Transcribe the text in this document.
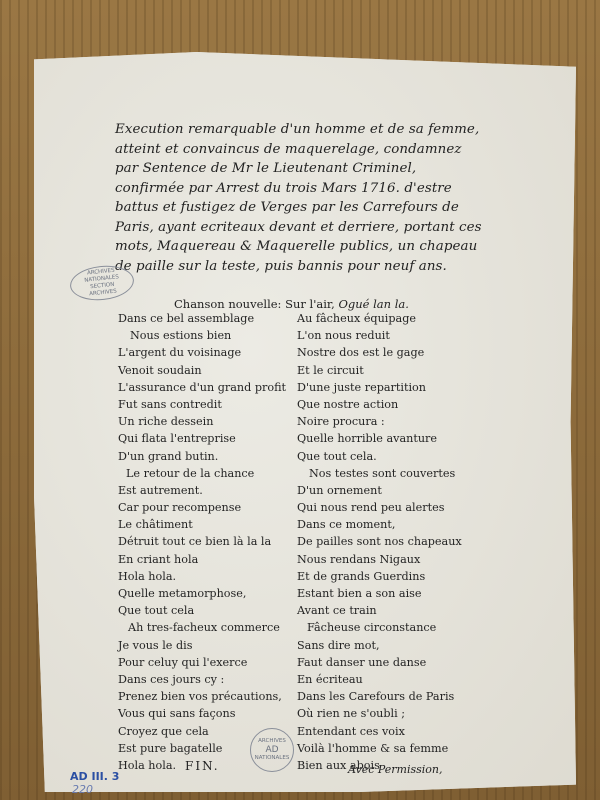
Execution remarquable d'un homme et de sa femme, atteint et convaincus de maquerelage, condamnez par Sentence de Mr le Lieutenant Criminel, confirmée par Arrest du trois Mars 1716. d'estre battus et fustigez de Verges par les Carrefours de Paris, ayant ecriteaux devant et derriere, portant ces mots, Maquereau & Maquerelle publics, un chapeau de paille sur la teste, puis bannis pour neuf ans.
ARCHIVES NATIONALES
SECTION
ARCHIVES
Chanson nouvelle: Sur l'air, Ogué lan la.
Dans ce bel assemblage
Nous estions bien
L'argent du voisinage
Venoit soudain
L'assurance d'un grand profit
Fut sans contredit
Un riche dessein
Qui flata l'entreprise
D'un grand butin.
Le retour de la chance
Est autrement.
Car pour recompense
Le châtiment
Détruit tout ce bien là la la
En criant hola
Hola hola.
Quelle metamorphose,
Que tout cela
Ah tres-facheux commerce
Je vous le dis
Pour celuy qui l'exerce
Dans ces jours cy :
Prenez bien vos précautions,
Vous qui sans façons
Croyez que cela
Est pure bagatelle
Hola hola.
Au fâcheux équipage
L'on nous reduit
Nostre dos est le gage
Et le circuit
D'une juste repartition
Que nostre action
Noire procura :
Quelle horrible avanture
Que tout cela.
Nos testes sont couvertes
D'un ornement
Qui nous rend peu alertes
Dans ce moment,
De pailles sont nos chapeaux
Nous rendans Nigaux
Et de grands Guerdins
Estant bien a son aise
Avant ce train
Fâcheuse circonstance
Sans dire mot,
Faut danser une danse
En écriteau
Dans les Carefours de Paris
Où rien ne s'oubli ;
Entendant ces voix
Voilà l'homme & sa femme
Bien aux abois
FIN.	Avec Permission,
ARCHIVES
AD
NATIONALES
AD III. 3
220
